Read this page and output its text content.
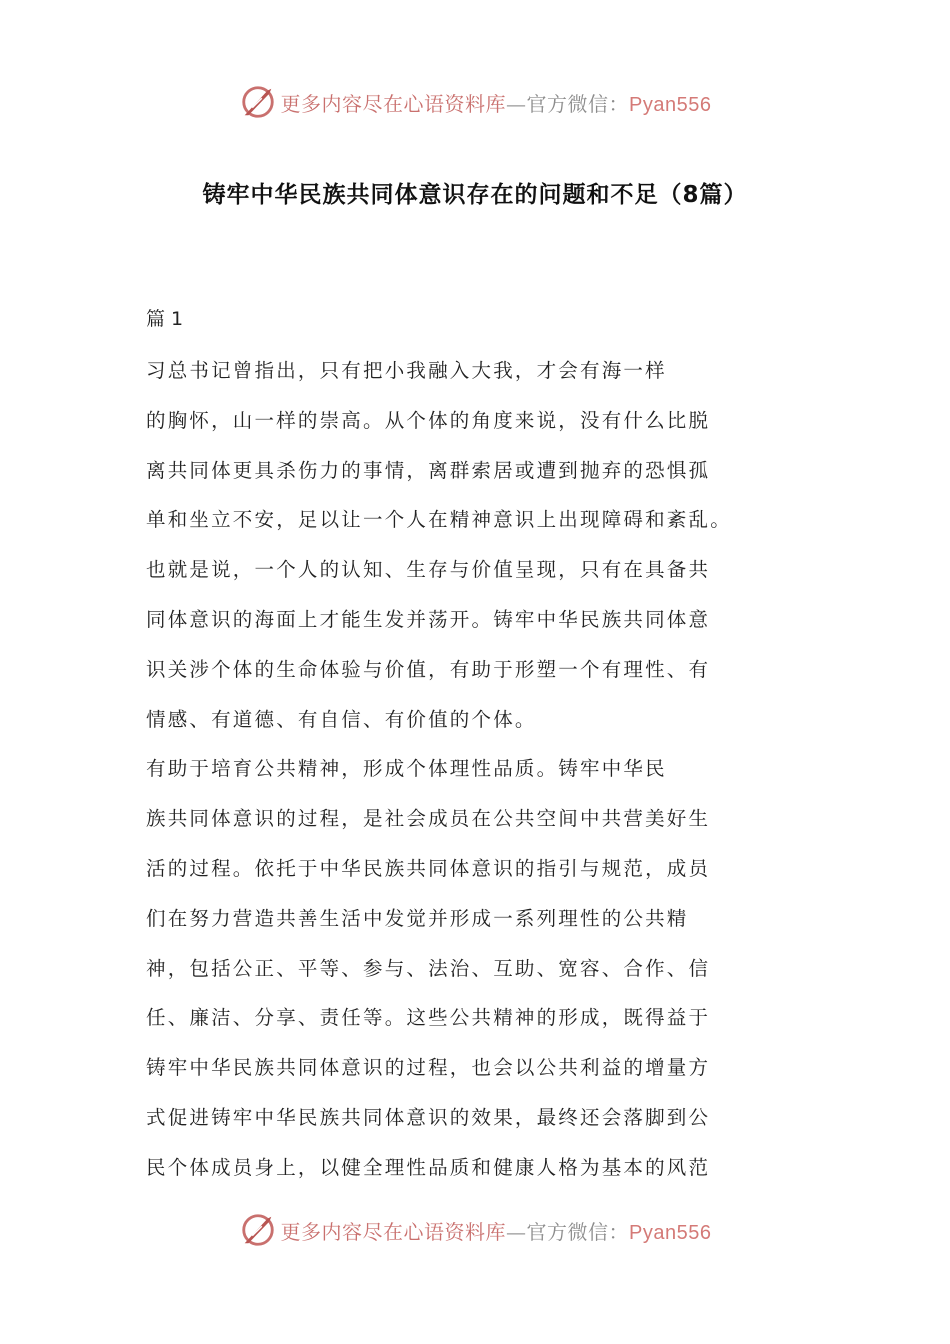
更多内容尽在心语资料库—官方微信：Pyan556
铸牢中华民族共同体意识存在的问题和不足（8篇）
篇 1
习总书记曾指出，只有把小我融入大我，才会有海一样
的胸怀，山一样的崇高。从个体的角度来说，没有什么比脱
离共同体更具杀伤力的事情，离群索居或遭到抛弃的恐惧孤
单和坐立不安，足以让一个人在精神意识上出现障碍和紊乱。
也就是说，一个人的认知、生存与价值呈现，只有在具备共
同体意识的海面上才能生发并荡开。铸牢中华民族共同体意
识关涉个体的生命体验与价值，有助于形塑一个有理性、有
情感、有道德、有自信、有价值的个体。
有助于培育公共精神，形成个体理性品质。铸牢中华民
族共同体意识的过程，是社会成员在公共空间中共营美好生
活的过程。依托于中华民族共同体意识的指引与规范，成员
们在努力营造共善生活中发觉并形成一系列理性的公共精
神，包括公正、平等、参与、法治、互助、宽容、合作、信
任、廉洁、分享、责任等。这些公共精神的形成，既得益于
铸牢中华民族共同体意识的过程，也会以公共利益的增量方
式促进铸牢中华民族共同体意识的效果，最终还会落脚到公
民个体成员身上，以健全理性品质和健康人格为基本的风范
更多内容尽在心语资料库—官方微信：Pyan556
